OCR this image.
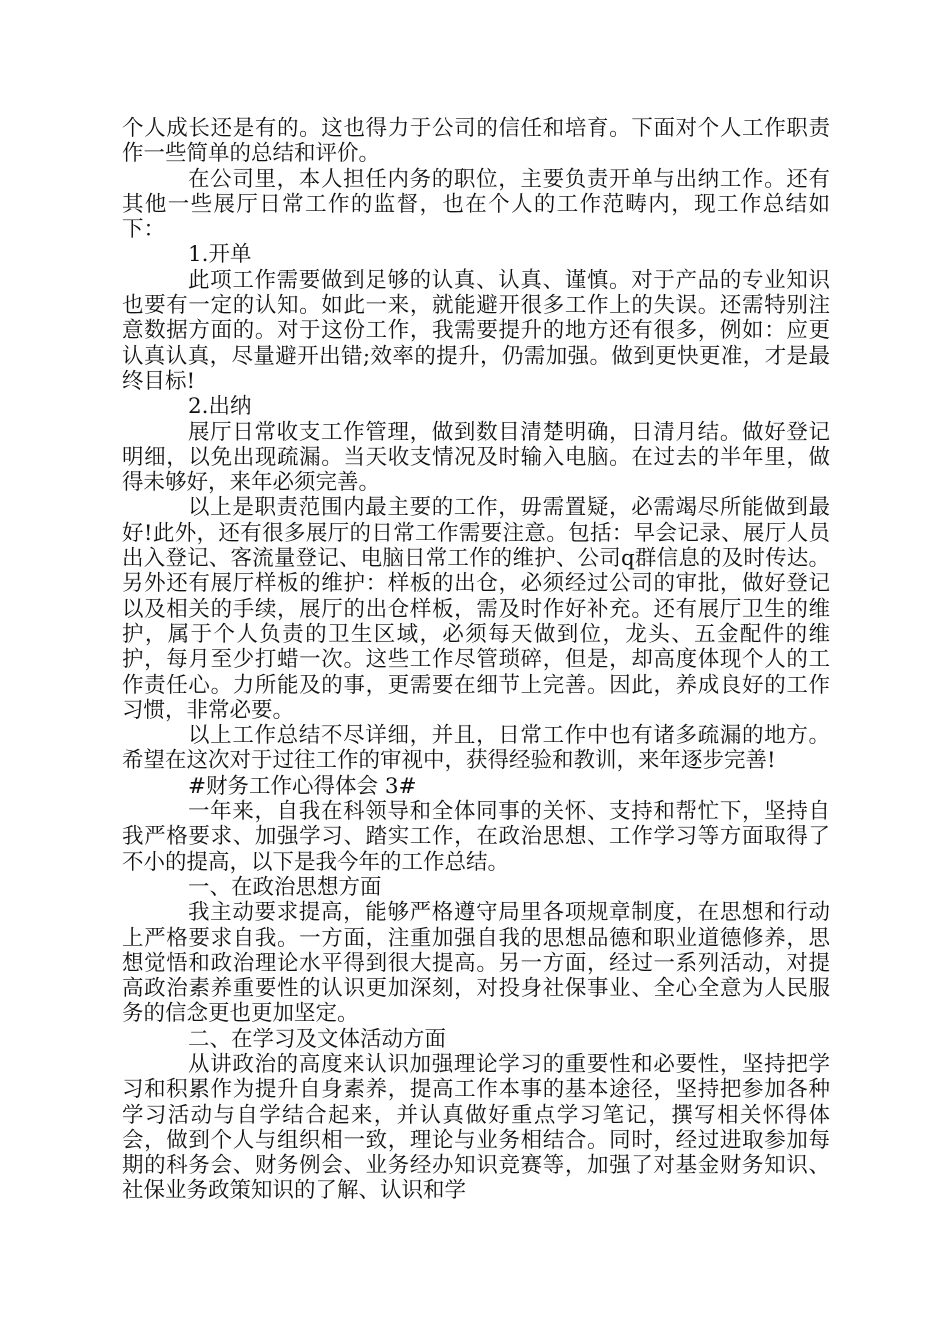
个人成长还是有的。这也得力于公司的信任和培育。下面对个人工作职责作一些简单的总结和评价。

在公司里，本人担任内务的职位，主要负责开单与出纳工作。还有其他一些展厅日常工作的监督，也在个人的工作范畴内，现工作总结如下：

1.开单

此项工作需要做到足够的认真、认真、谨慎。对于产品的专业知识也要有一定的认知。如此一来，就能避开很多工作上的失误。还需特别注意数据方面的。对于这份工作，我需要提升的地方还有很多，例如：应更认真认真，尽量避开出错;效率的提升，仍需加强。做到更快更准，才是最终目标!

2.出纳

展厅日常收支工作管理，做到数目清楚明确，日清月结。做好登记明细，以免出现疏漏。当天收支情况及时输入电脑。在过去的半年里，做得未够好，来年必须完善。

以上是职责范围内最主要的工作，毋需置疑，必需竭尽所能做到最好!此外，还有很多展厅的日常工作需要注意。包括：早会记录、展厅人员出入登记、客流量登记、电脑日常工作的维护、公司q群信息的及时传达。另外还有展厅样板的维护：样板的出仓，必须经过公司的审批，做好登记以及相关的手续，展厅的出仓样板，需及时作好补充。还有展厅卫生的维护，属于个人负责的卫生区域，必须每天做到位，龙头、五金配件的维护，每月至少打蜡一次。这些工作尽管琐碎，但是，却高度体现个人的工作责任心。力所能及的事，更需要在细节上完善。因此，养成良好的工作习惯，非常必要。

以上工作总结不尽详细，并且，日常工作中也有诸多疏漏的地方。希望在这次对于过往工作的审视中，获得经验和教训，来年逐步完善!

#财务工作心得体会 3#

一年来，自我在科领导和全体同事的关怀、支持和帮忙下，坚持自我严格要求、加强学习、踏实工作，在政治思想、工作学习等方面取得了不小的提高，以下是我今年的工作总结。

一、在政治思想方面

我主动要求提高，能够严格遵守局里各项规章制度，在思想和行动上严格要求自我。一方面，注重加强自我的思想品德和职业道德修养，思想觉悟和政治理论水平得到很大提高。另一方面，经过一系列活动，对提高政治素养重要性的认识更加深刻，对投身社保事业、全心全意为人民服务的信念更也更加坚定。

二、在学习及文体活动方面

从讲政治的高度来认识加强理论学习的重要性和必要性，坚持把学习和积累作为提升自身素养，提高工作本事的基本途径，坚持把参加各种学习活动与自学结合起来，并认真做好重点学习笔记，撰写相关怀得体会，做到个人与组织相一致，理论与业务相结合。同时，经过进取参加每期的科务会、财务例会、业务经办知识竞赛等，加强了对基金财务知识、社保业务政策知识的了解、认识和学
